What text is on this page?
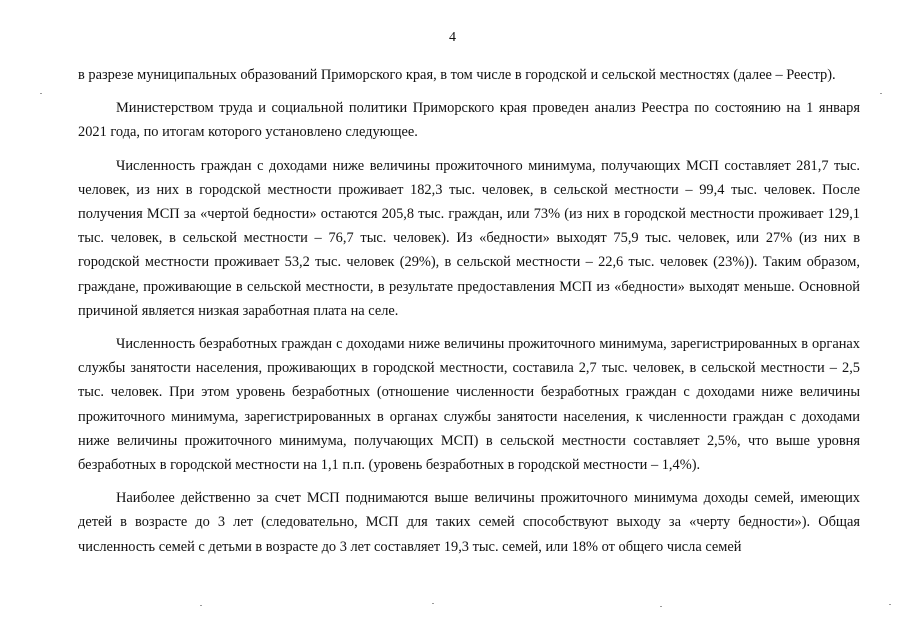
4

в разрезе муниципальных образований Приморского края, в том числе в городской и сельской местностях (далее – Реестр).

Министерством труда и социальной политики Приморского края проведен анализ Реестра по состоянию на 1 января 2021 года, по итогам которого установлено следующее.

Численность граждан с доходами ниже величины прожиточного минимума, получающих МСП составляет 281,7 тыс. человек, из них в городской местности проживает 182,3 тыс. человек, в сельской местности – 99,4 тыс. человек. После получения МСП за «чертой бедности» остаются 205,8 тыс. граждан, или 73% (из них в городской местности проживает 129,1 тыс. человек, в сельской местности – 76,7 тыс. человек). Из «бедности» выходят 75,9 тыс. человек, или 27% (из них в городской местности проживает 53,2 тыс. человек (29%), в сельской местности – 22,6 тыс. человек (23%)). Таким образом, граждане, проживающие в сельской местности, в результате предоставления МСП из «бедности» выходят меньше. Основной причиной является низкая заработная плата на селе.

Численность безработных граждан с доходами ниже величины прожиточного минимума, зарегистрированных в органах службы занятости населения, проживающих в городской местности, составила 2,7 тыс. человек, в сельской местности – 2,5 тыс. человек. При этом уровень безработных (отношение численности безработных граждан с доходами ниже величины прожиточного минимума, зарегистрированных в органах службы занятости населения, к численности граждан с доходами ниже величины прожиточного минимума, получающих МСП) в сельской местности составляет 2,5%, что выше уровня безработных в городской местности на 1,1 п.п. (уровень безработных в городской местности – 1,4%).

Наиболее действенно за счет МСП поднимаются выше величины прожиточного минимума доходы семей, имеющих детей в возрасте до 3 лет (следовательно, МСП для таких семей способствуют выходу за «черту бедности»). Общая численность семей с детьми в возрасте до 3 лет составляет 19,3 тыс. семей, или 18% от общего числа семей
